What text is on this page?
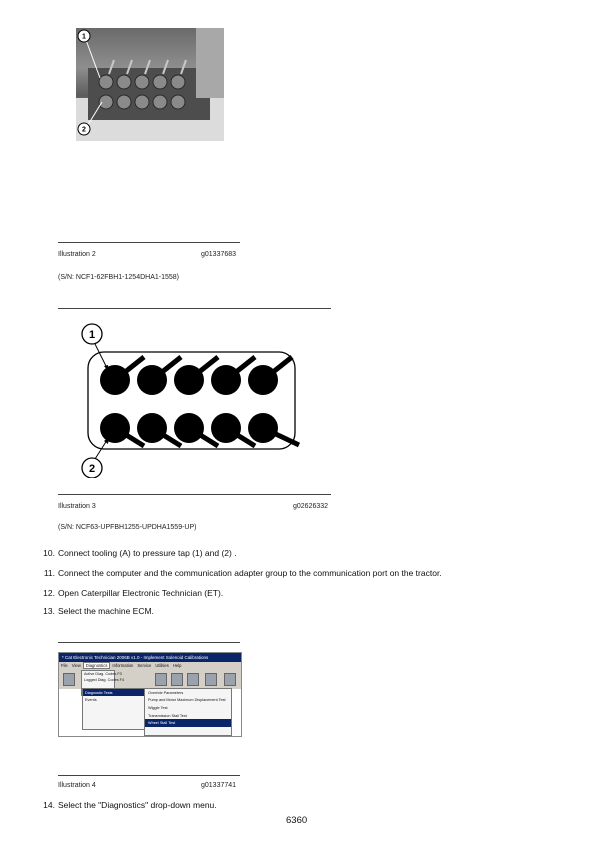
1
2
Illustration 2	g01337683
(S/N: NCF1-62FBH1-1254DHA1-1558)
1
2
Illustration 3	g02626332
(S/N: NCF63-UPFBH1255-UPDHA1559-UP)
10. Connect tooling (A) to pressure tap (1) and (2) .
11. Connect the computer and the communication adapter group to the communication port on the tractor.
12. Open Caterpillar Electronic Technician (ET).
13. Select the machine ECM.
* Cat Electronic Technician 2006B v1.0 - Implement Solenoid Calibrations
File View Diagnostics Information Service Utilities Help
Active Diag. Codes F3
Logged Diag. Codes F4
Diagnostic Tests
Events
Override Parameters
Pump and Motor Maximum Displacement Test
Wiggle Test
Transmission Stall Test
Wheel Stall Test
Illustration 4	g01337741
14. Select the "Diagnostics" drop-down menu.
6360
